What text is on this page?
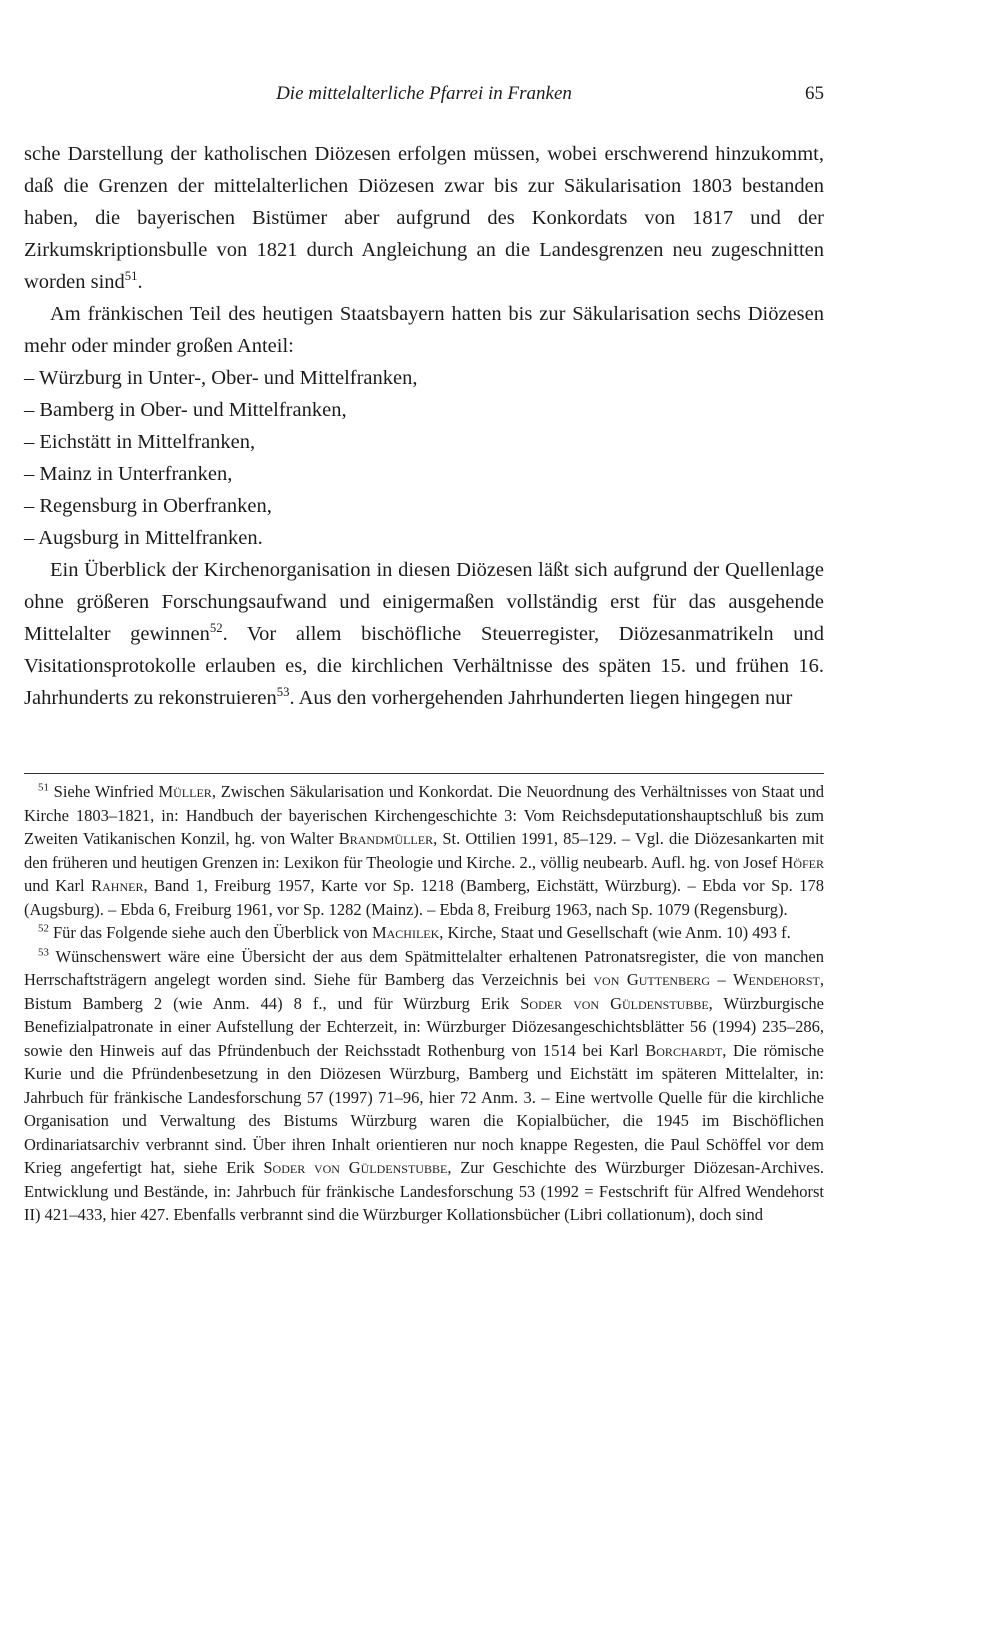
Die mittelalterliche Pfarrei in Franken	65

sche Darstellung der katholischen Diözesen erfolgen müssen, wobei erschwerend hinzukommt, daß die Grenzen der mittelalterlichen Diözesen zwar bis zur Säkularisation 1803 bestanden haben, die bayerischen Bistümer aber aufgrund des Konkordats von 1817 und der Zirkumskriptionsbulle von 1821 durch Angleichung an die Landesgrenzen neu zugeschnitten worden sind$^{51}$.

Am fränkischen Teil des heutigen Staatsbayern hatten bis zur Säkularisation sechs Diözesen mehr oder minder großen Anteil:

– Würzburg in Unter-, Ober- und Mittelfranken,
– Bamberg in Ober- und Mittelfranken,
– Eichstätt in Mittelfranken,
– Mainz in Unterfranken,
– Regensburg in Oberfranken,
– Augsburg in Mittelfranken.

Ein Überblick der Kirchenorganisation in diesen Diözesen läßt sich aufgrund der Quellenlage ohne größeren Forschungsaufwand und einigermaßen vollständig erst für das ausgehende Mittelalter gewinnen$^{52}$. Vor allem bischöfliche Steuerregister, Diözesanmatrikeln und Visitationsprotokolle erlauben es, die kirchlichen Verhältnisse des späten 15. und frühen 16. Jahrhunderts zu rekonstruieren$^{53}$. Aus den vorhergehenden Jahrhunderten liegen hingegen nur

$^{51}$ Siehe Winfried Müller, Zwischen Säkularisation und Konkordat. Die Neuordnung des Verhältnisses von Staat und Kirche 1803–1821, in: Handbuch der bayerischen Kirchengeschichte 3: Vom Reichsdeputationshauptschluß bis zum Zweiten Vatikanischen Konzil, hg. von Walter Brandmüller, St. Ottilien 1991, 85–129. – Vgl. die Diözesankarten mit den früheren und heutigen Grenzen in: Lexikon für Theologie und Kirche. 2., völlig neubearb. Aufl. hg. von Josef Höfer und Karl Rahner, Band 1, Freiburg 1957, Karte vor Sp. 1218 (Bamberg, Eichstätt, Würzburg). – Ebda vor Sp. 178 (Augsburg). – Ebda 6, Freiburg 1961, vor Sp. 1282 (Mainz). – Ebda 8, Freiburg 1963, nach Sp. 1079 (Regensburg).

$^{52}$ Für das Folgende siehe auch den Überblick von Machilek, Kirche, Staat und Gesellschaft (wie Anm. 10) 493 f.

$^{53}$ Wünschenswert wäre eine Übersicht der aus dem Spätmittelalter erhaltenen Patronatsregister, die von manchen Herrschaftsträgern angelegt worden sind. Siehe für Bamberg das Verzeichnis bei von Guttenberg – Wendehorst, Bistum Bamberg 2 (wie Anm. 44) 8 f., und für Würzburg Erik Soder von Güldenstubbe, Würzburgische Benefizialpatronate in einer Aufstellung der Echterzeit, in: Würzburger Diözesangeschichtsblätter 56 (1994) 235–286, sowie den Hinweis auf das Pfründenbuch der Reichsstadt Rothenburg von 1514 bei Karl Borchardt, Die römische Kurie und die Pfründenbesetzung in den Diözesen Würzburg, Bamberg und Eichstätt im späteren Mittelalter, in: Jahrbuch für fränkische Landesforschung 57 (1997) 71–96, hier 72 Anm. 3. – Eine wertvolle Quelle für die kirchliche Organisation und Verwaltung des Bistums Würzburg waren die Kopialbücher, die 1945 im Bischöflichen Ordinariatsarchiv verbrannt sind. Über ihren Inhalt orientieren nur noch knappe Regesten, die Paul Schöffel vor dem Krieg angefertigt hat, siehe Erik Soder von Güldenstubbe, Zur Geschichte des Würzburger Diözesan-Archives. Entwicklung und Bestände, in: Jahrbuch für fränkische Landesforschung 53 (1992 = Festschrift für Alfred Wendehorst II) 421–433, hier 427. Ebenfalls verbrannt sind die Würzburger Kollationsbücher (Libri collationum), doch sind
